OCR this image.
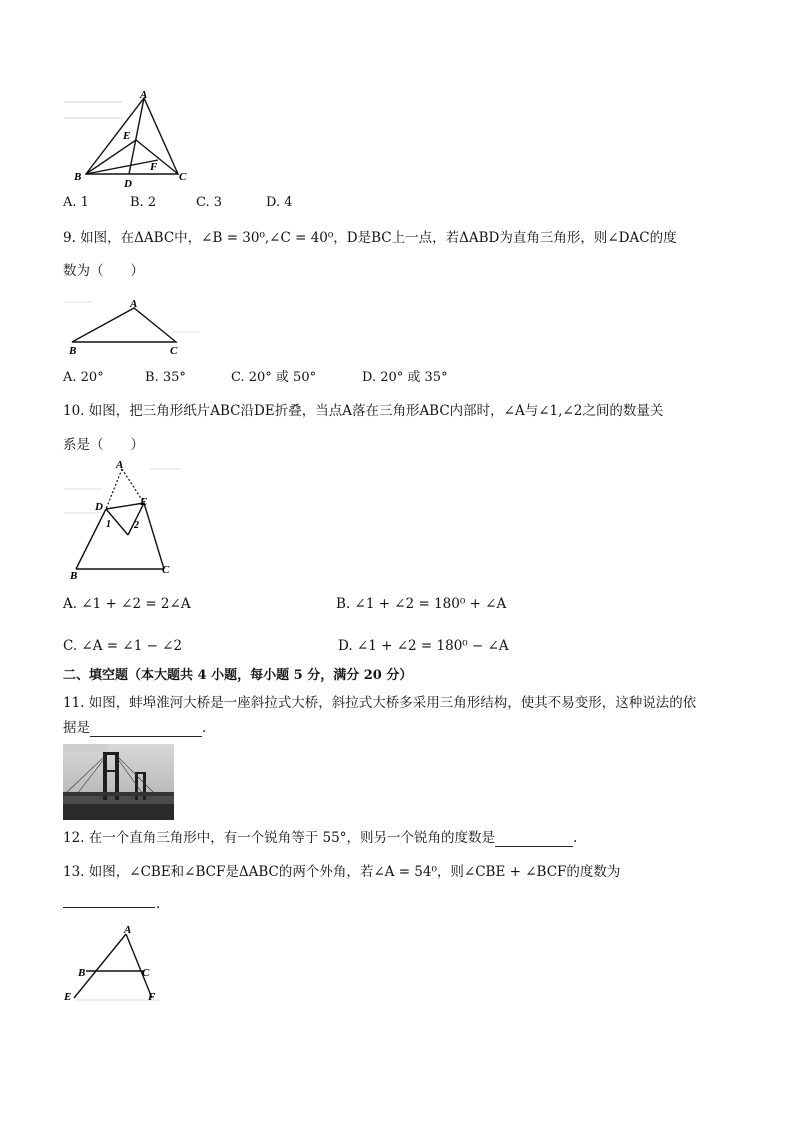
A
E
B
D
F
C
A. 1	B. 2	C. 3	D. 4
9. 如图，在ΔABC中，∠B = 30⁰,∠C = 40⁰，D是BC上一点，若ΔABD为直角三角形，则∠DAC的度
数为（　　）
A
B	C
A. 20°	B. 35°	C. 20° 或 50°	D. 20° 或 35°
10. 如图，把三角形纸片ABC沿DE折叠，当点A落在三角形ABC内部时，∠A与∠1,∠2之间的数量关
系是（　　）
A
D	E
1 2
B	C
A. ∠1 + ∠2 = 2∠A	B. ∠1 + ∠2 = 180⁰ + ∠A
C. ∠A = ∠1 − ∠2	D. ∠1 + ∠2 = 180⁰ − ∠A
二、填空题（本大题共 4 小题，每小题 5 分，满分 20 分）
11. 如图，蚌埠淮河大桥是一座斜拉式大桥，斜拉式大桥多采用三角形结构，使其不易变形，这种说法的依
据是	.
12. 在一个直角三角形中，有一个锐角等于 55°，则另一个锐角的度数是	.
13. 如图，∠CBE和∠BCF是ΔABC的两个外角，若∠A = 54⁰，则∠CBE + ∠BCF的度数为
.
A
B	C
E	F
